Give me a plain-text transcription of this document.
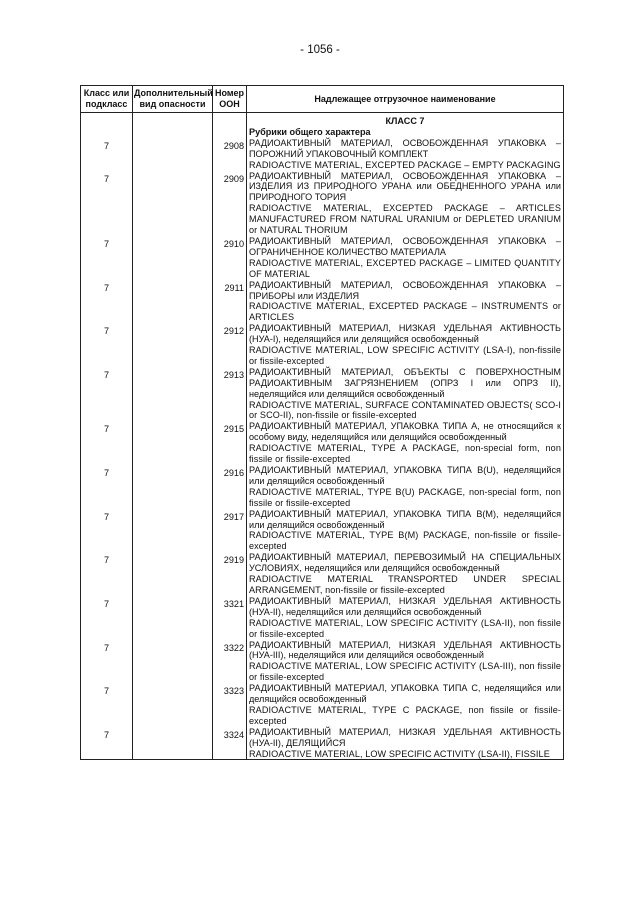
- 1056 -
Класс или подкласс	Дополнительный вид опасности	Номер ООН	Надлежащее отгрузочное наименование

			КЛАСС 7
Рубрики общего характера

7		2908	РАДИОАКТИВНЫЙ МАТЕРИАЛ, ОСВОБОЖДЕННАЯ УПАКОВКА – ПОРОЖНИЙ УПАКОВОЧНЫЙ КОМПЛЕКТ
RADIOACTIVE MATERIAL, EXCEPTED PACKAGE – EMPTY PACKAGING

7		2909	РАДИОАКТИВНЫЙ МАТЕРИАЛ, ОСВОБОЖДЕННАЯ УПАКОВКА – ИЗДЕЛИЯ ИЗ ПРИРОДНОГО УРАНА или ОБЕДНЕННОГО УРАНА или ПРИРОДНОГО ТОРИЯ
RADIOACTIVE MATERIAL, EXCEPTED PACKAGE – ARTICLES MANUFACTURED FROM NATURAL URANIUM or DEPLETED URANIUM or NATURAL THORIUM

7		2910	РАДИОАКТИВНЫЙ МАТЕРИАЛ, ОСВОБОЖДЕННАЯ УПАКОВКА – ОГРАНИЧЕННОЕ КОЛИЧЕСТВО МАТЕРИАЛА
RADIOACTIVE MATERIAL, EXCEPTED PACKAGE – LIMITED QUANTITY OF MATERIAL

7		2911	РАДИОАКТИВНЫЙ МАТЕРИАЛ, ОСВОБОЖДЕННАЯ УПАКОВКА – ПРИБОРЫ или ИЗДЕЛИЯ
RADIOACTIVE MATERIAL, EXCEPTED PACKAGE – INSTRUMENTS or ARTICLES

7		2912	РАДИОАКТИВНЫЙ МАТЕРИАЛ, НИЗКАЯ УДЕЛЬНАЯ АКТИВНОСТЬ (НУА-I), неделящийся или делящийся освобожденный
RADIOACTIVE MATERIAL, LOW SPECIFIC ACTIVITY (LSA-I), non-fissile or fissile-excepted

7		2913	РАДИОАКТИВНЫЙ МАТЕРИАЛ, ОБЪЕКТЫ С ПОВЕРХНОСТНЫМ РАДИОАКТИВНЫМ ЗАГРЯЗНЕНИЕМ (ОПРЗ I или ОПРЗ II), неделящийся или делящийся освобожденный
RADIOACTIVE MATERIAL, SURFACE CONTAMINATED OBJECTS( SCO-I or SCO-II), non-fissile or fissile-excepted

7		2915	РАДИОАКТИВНЫЙ МАТЕРИАЛ, УПАКОВКА ТИПА А, не относящийся к особому виду, неделящийся или делящийся освобожденный
RADIOACTIVE MATERIAL, TYPE A PACKAGE, non-special form, non fissile or fissile-excepted

7		2916	РАДИОАКТИВНЫЙ МАТЕРИАЛ, УПАКОВКА ТИПА В(U), неделящийся или делящийся освобожденный
RADIOACTIVE MATERIAL, TYPE B(U) PACKAGE, non-special form, non fissile or fissile-excepted

7		2917	РАДИОАКТИВНЫЙ МАТЕРИАЛ, УПАКОВКА ТИПА В(М), неделящийся или делящийся освобожденный
RADIOACTIVE MATERIAL, TYPE B(M) PACKAGE, non-fissile or fissile-excepted

7		2919	РАДИОАКТИВНЫЙ МАТЕРИАЛ, ПЕРЕВОЗИМЫЙ НА СПЕЦИАЛЬНЫХ УСЛОВИЯХ, неделящийся или делящийся освобожденный
RADIOACTIVE MATERIAL TRANSPORTED UNDER SPECIAL ARRANGEMENT, non-fissile or fissile-excepted

7		3321	РАДИОАКТИВНЫЙ МАТЕРИАЛ, НИЗКАЯ УДЕЛЬНАЯ АКТИВНОСТЬ (НУА-II), неделящийся или делящийся освобожденный
RADIOACTIVE MATERIAL, LOW SPECIFIC ACTIVITY (LSA-II), non fissile or fissile-excepted

7		3322	РАДИОАКТИВНЫЙ МАТЕРИАЛ, НИЗКАЯ УДЕЛЬНАЯ АКТИВНОСТЬ (НУА-III), неделящийся или делящийся освобожденный
RADIOACTIVE MATERIAL, LOW SPECIFIC ACTIVITY (LSA-III), non fissile or fissile-excepted

7		3323	РАДИОАКТИВНЫЙ МАТЕРИАЛ, УПАКОВКА ТИПА С, неделящийся или делящийся освобожденный
RADIOACTIVE MATERIAL, TYPE C PACKAGE, non fissile or fissile-excepted

7		3324	РАДИОАКТИВНЫЙ МАТЕРИАЛ, НИЗКАЯ УДЕЛЬНАЯ АКТИВНОСТЬ (НУА-II), ДЕЛЯЩИЙСЯ
RADIOACTIVE MATERIAL, LOW SPECIFIC ACTIVITY (LSA-II), FISSILE
